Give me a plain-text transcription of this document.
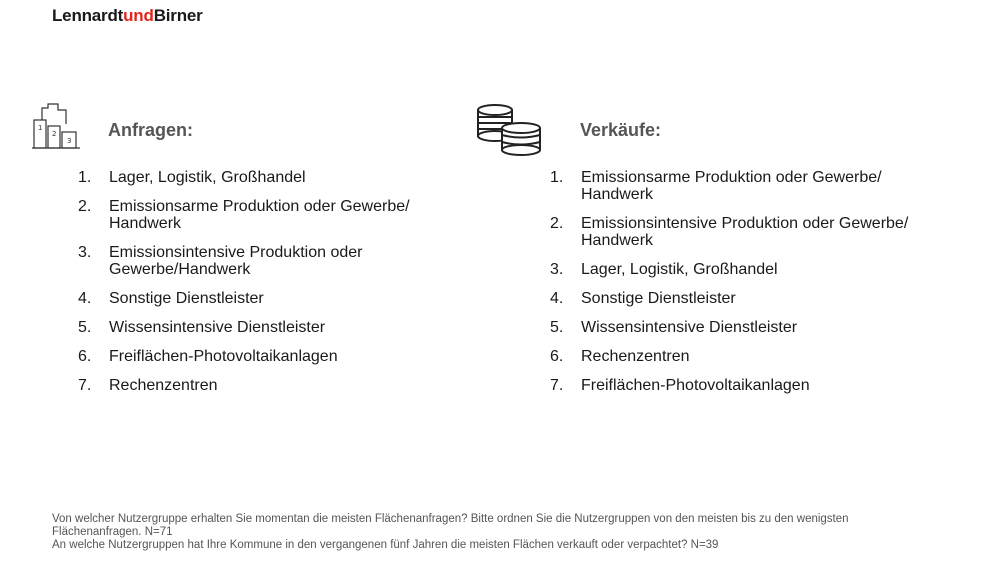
LennardtundBirner
1
2
3
Anfragen:
1.	Lager, Logistik, Großhandel
2.	Emissionsarme Produktion oder Gewerbe/ Handwerk
3.	Emissionsintensive Produktion oder Gewerbe/Handwerk
4.	Sonstige Dienstleister
5.	Wissensintensive Dienstleister
6.	Freiflächen-Photovoltaikanlagen
7.	Rechenzentren
Verkäufe:
1.	Emissionsarme Produktion oder Gewerbe/ Handwerk
2.	Emissionsintensive Produktion oder Gewerbe/ Handwerk
3.	Lager, Logistik, Großhandel
4.	Sonstige Dienstleister
5.	Wissensintensive Dienstleister
6.	Rechenzentren
7.	Freiflächen-Photovoltaikanlagen

Von welcher Nutzergruppe erhalten Sie momentan die meisten Flächenanfragen? Bitte ordnen Sie die Nutzergruppen von den meisten bis zu den wenigsten Flächenanfragen. N=71

An welche Nutzergruppen hat Ihre Kommune in den vergangenen fünf Jahren die meisten Flächen verkauft oder verpachtet? N=39
